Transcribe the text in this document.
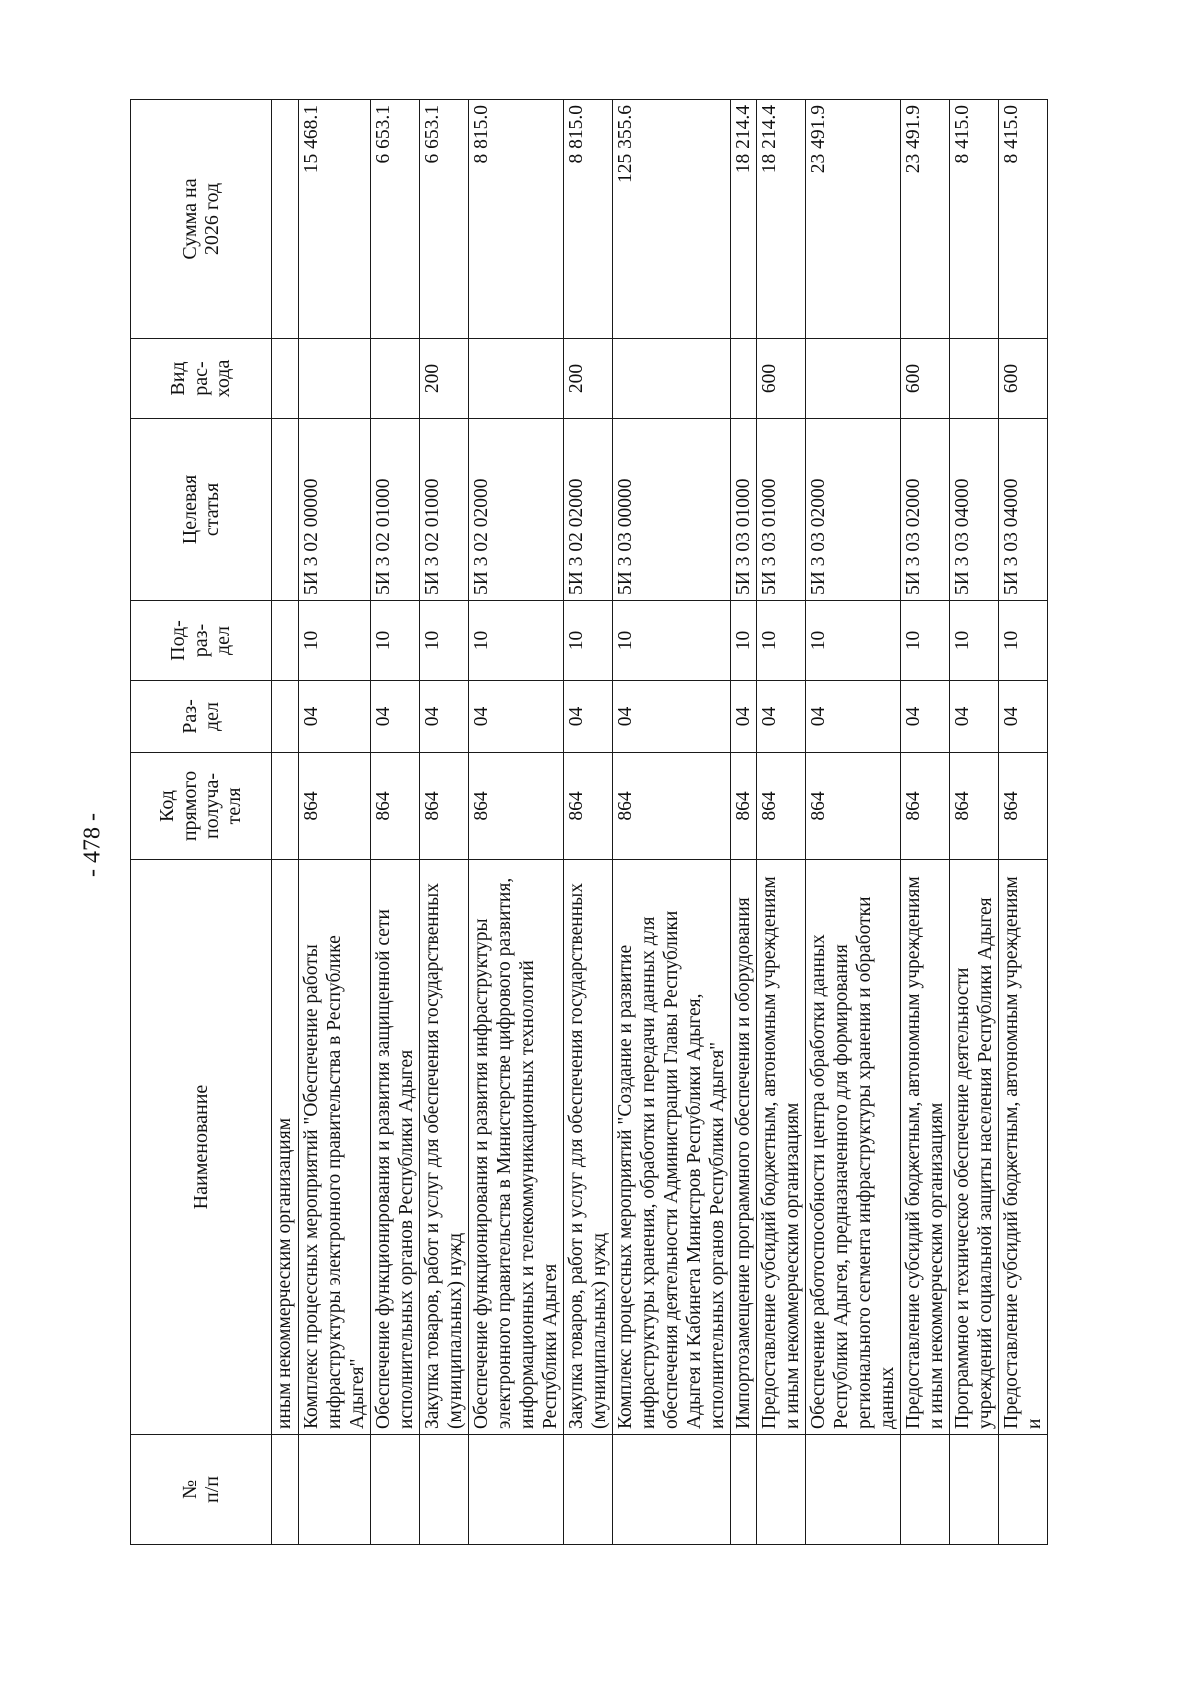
- 478 -
№
п/п	Наименование	Код
прямого
получа-
теля	Раз-
дел	Под-
раз-
дел	Целевая
статья	Вид
рас-
хода	Сумма на
2026 год
	иным некоммерческим организациям						
	Комплекс процессных мероприятий "Обеспечение работы инфраструктуры электронного правительства в Республике Адыгея"	864	04	10	5И 3 02 00000		15 468.1
	Обеспечение функционирования и развития защищенной сети исполнительных органов Республики Адыгея	864	04	10	5И 3 02 01000		6 653.1
	Закупка товаров, работ и услуг для обеспечения государственных (муниципальных) нужд	864	04	10	5И 3 02 01000	200	6 653.1
	Обеспечение функционирования и развития инфраструктуры электронного правительства в Министерстве цифрового развития, информационных и телекоммуникационных технологий Республики Адыгея	864	04	10	5И 3 02 02000		8 815.0
	Закупка товаров, работ и услуг для обеспечения государственных (муниципальных) нужд	864	04	10	5И 3 02 02000	200	8 815.0
	Комплекс процессных мероприятий "Создание и развитие инфраструктуры хранения, обработки и передачи данных для обеспечения деятельности Администрации Главы Республики Адыгея и Кабинета Министров Республики Адыгея, исполнительных органов Республики Адыгея"	864	04	10	5И 3 03 00000		125 355.6
	Импортозамещение программного обеспечения и оборудования	864	04	10	5И 3 03 01000		18 214.4
	Предоставление субсидий бюджетным, автономным учреждениям и иным некоммерческим организациям	864	04	10	5И 3 03 01000	600	18 214.4
	Обеспечение работоспособности центра обработки данных Республики Адыгея, предназначенного для формирования регионального сегмента инфраструктуры хранения и обработки данных	864	04	10	5И 3 03 02000		23 491.9
	Предоставление субсидий бюджетным, автономным учреждениям и иным некоммерческим организациям	864	04	10	5И 3 03 02000	600	23 491.9
	Программное и техническое обеспечение деятельности учреждений социальной защиты населения Республики Адыгея	864	04	10	5И 3 03 04000		8 415.0
	Предоставление субсидий бюджетным, автономным учреждениям и	864	04	10	5И 3 03 04000	600	8 415.0
